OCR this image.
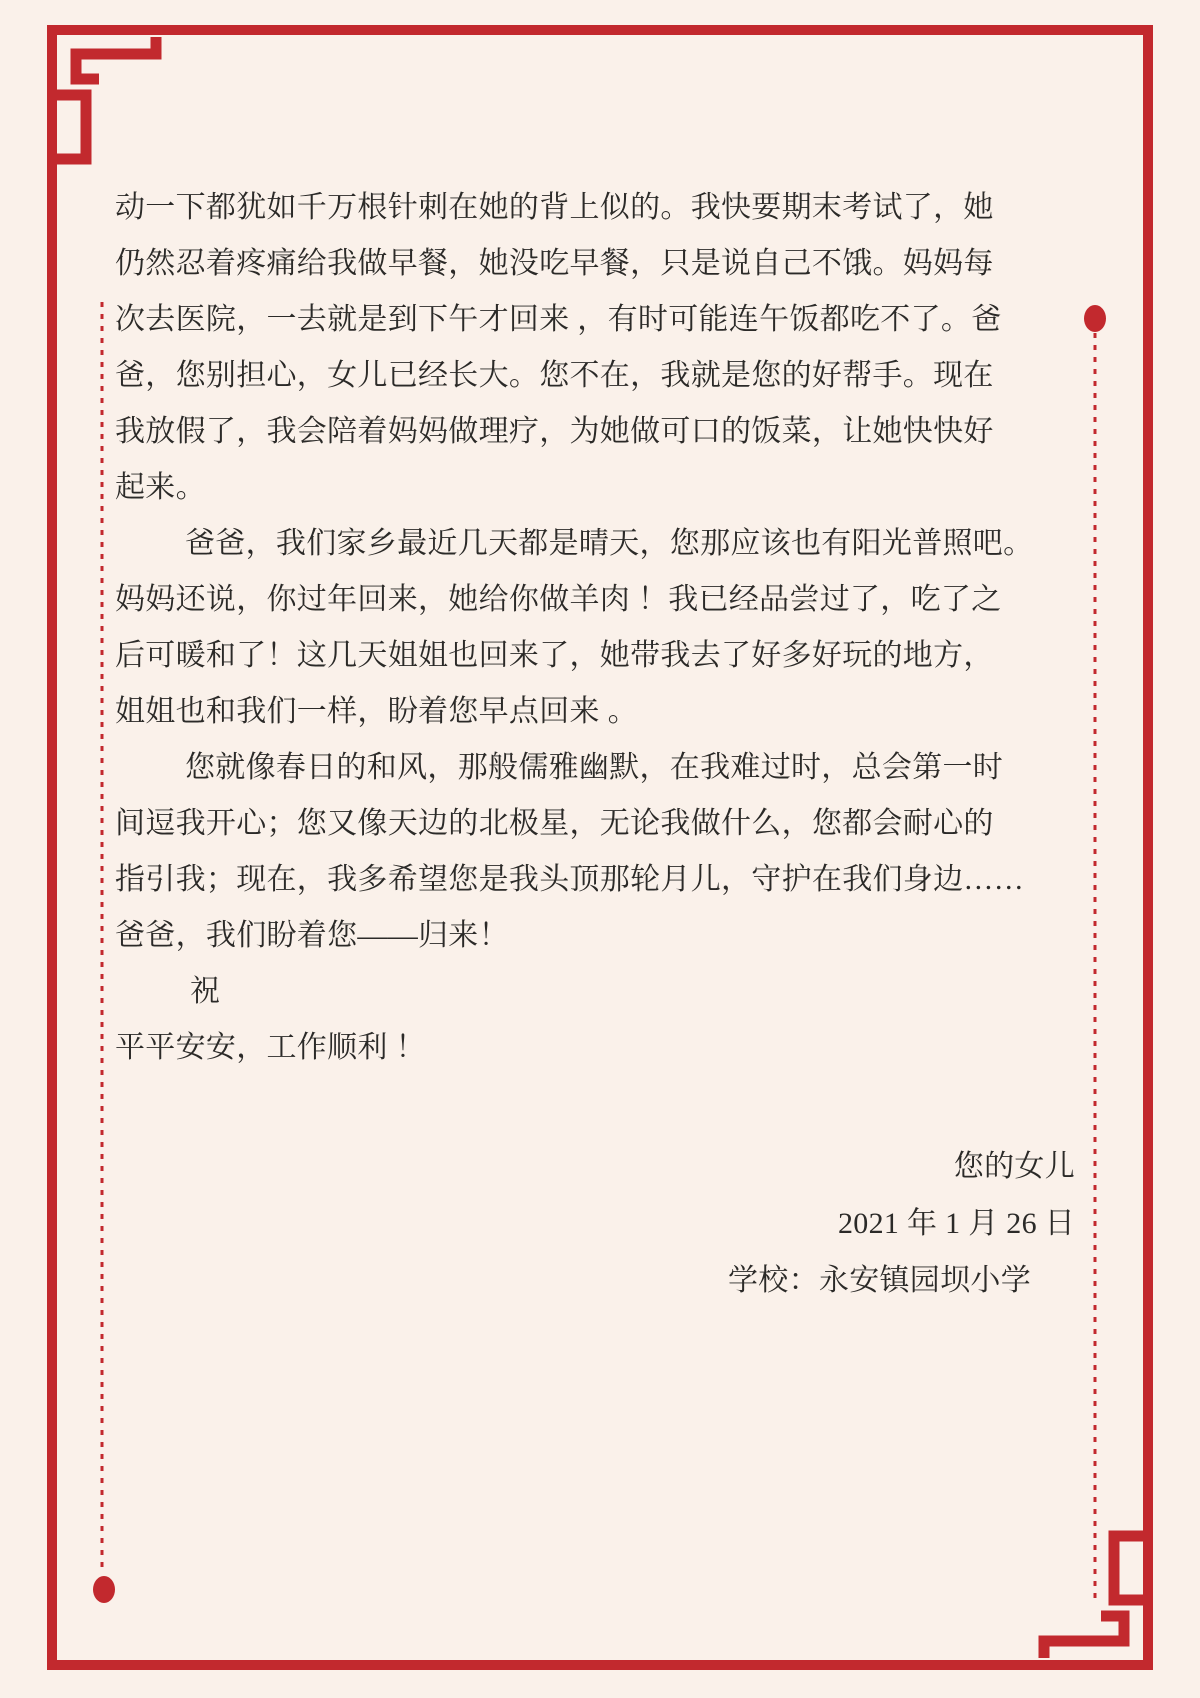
动一下都犹如千万根针刺在她的背上似的。我快要期末考试了，她
仍然忍着疼痛给我做早餐，她没吃早餐，只是说自己不饿。妈妈每
次去医院，一去就是到下午才回来 ，有时可能连午饭都吃不了。爸
爸，您别担心，女儿已经长大。您不在，我就是您的好帮手。现在
我放假了，我会陪着妈妈做理疗，为她做可口的饭菜，让她快快好
起来。
爸爸，我们家乡最近几天都是晴天，您那应该也有阳光普照吧。
妈妈还说，你过年回来，她给你做羊肉 ！我已经品尝过了，吃了之
后可暖和了！这几天姐姐也回来了，她带我去了好多好玩的地方，
姐姐也和我们一样，盼着您早点回来 。
您就像春日的和风，那般儒雅幽默，在我难过时，总会第一时
间逗我开心；您又像天边的北极星，无论我做什么，您都会耐心的
指引我；现在，我多希望您是我头顶那轮月儿，守护在我们身边……
爸爸，我们盼着您——归来！
祝
平平安安，工作顺利 ！
您的女儿
2021 年 1 月 26 日
学校：永安镇园坝小学
